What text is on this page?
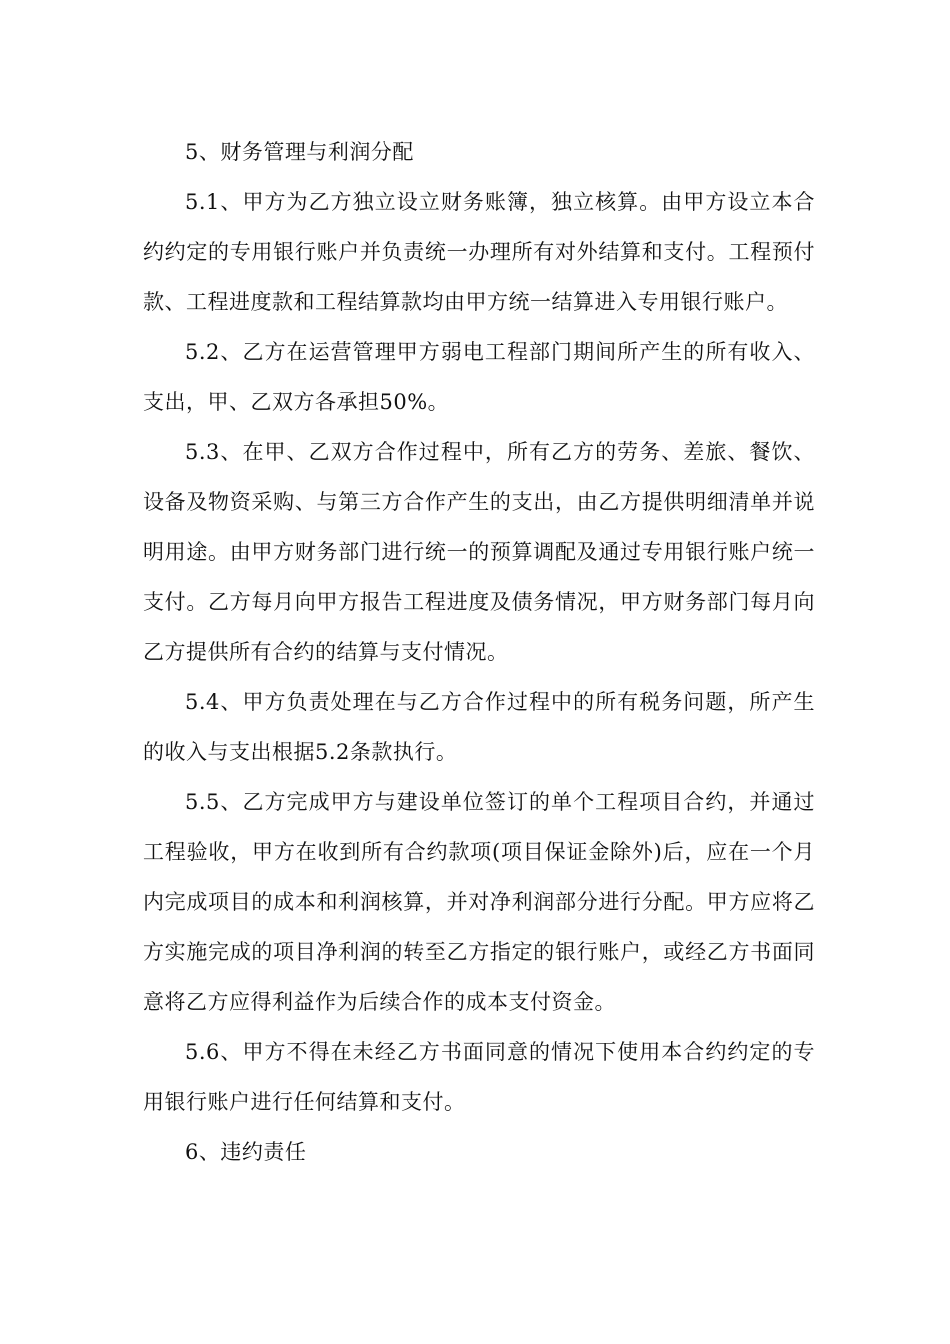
5、财务管理与利润分配

5.1、甲方为乙方独立设立财务账簿，独立核算。由甲方设立本合约约定的专用银行账户并负责统一办理所有对外结算和支付。工程预付款、工程进度款和工程结算款均由甲方统一结算进入专用银行账户。

5.2、乙方在运营管理甲方弱电工程部门期间所产生的所有收入、支出，甲、乙双方各承担50%。

5.3、在甲、乙双方合作过程中，所有乙方的劳务、差旅、餐饮、设备及物资采购、与第三方合作产生的支出，由乙方提供明细清单并说明用途。由甲方财务部门进行统一的预算调配及通过专用银行账户统一支付。乙方每月向甲方报告工程进度及债务情况，甲方财务部门每月向乙方提供所有合约的结算与支付情况。

5.4、甲方负责处理在与乙方合作过程中的所有税务问题，所产生的收入与支出根据5.2条款执行。

5.5、乙方完成甲方与建设单位签订的单个工程项目合约，并通过工程验收，甲方在收到所有合约款项(项目保证金除外)后，应在一个月内完成项目的成本和利润核算，并对净利润部分进行分配。甲方应将乙方实施完成的项目净利润的转至乙方指定的银行账户，或经乙方书面同意将乙方应得利益作为后续合作的成本支付资金。

5.6、甲方不得在未经乙方书面同意的情况下使用本合约约定的专用银行账户进行任何结算和支付。

6、违约责任
